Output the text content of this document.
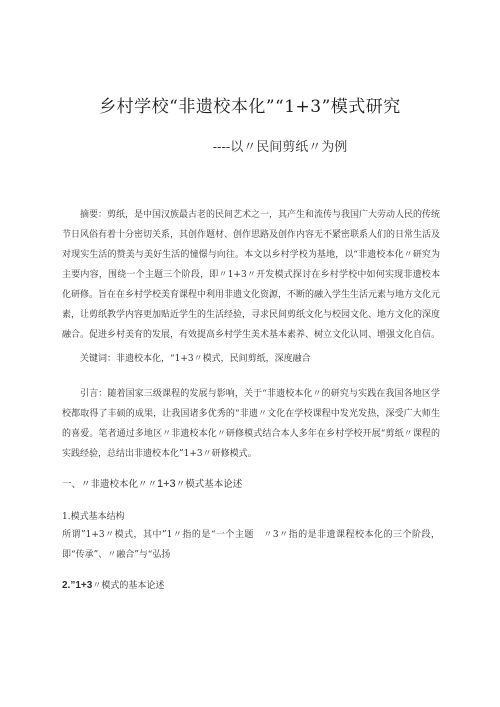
乡村学校“非遗校本化”“1+3”模式研究
----以〃民间剪纸〃为例
摘要：剪纸，是中国汉族最古老的民间艺术之一，其产生和流传与我国广大劳动人民的传统节日风俗有着十分密切关系，其创作题材、创作思路及创作内容无不紧密联系人们的日常生活及对现实生活的赞美与美好生活的憧憬与向往。本文以乡村学校为基地，以“非遗校本化〃研究为主要内容，围绕一个主题三个阶段，即〃1+3〃开发模式探讨在乡村学校中如何实现非遗校本化研修。旨在在乡村学校美育课程中利用非遗文化资源，不断的融入学生生活元素与地方文化元素，让剪纸教学内容更加贴近学生的生活经验，寻求民间剪纸文化与校园文化、地方文化的深度融合。促进乡村美育的发展，有效提高乡村学生美术基本素养、树立文化认同、增强文化自信。
关键词：非遗校本化，“1+3〃模式，民间剪纸，深度融合
引言：随着国家三级课程的发展与影响，关于“非遗校本化〃的研究与实践在我国各地区学校都取得了丰硕的成果，让我国诸多优秀的“非遗〃文化在学校课程中发光发热，深受广大师生的喜爱。笔者通过多地区〃非遗校本化〃研修模式结合本人多年在乡村学校开展“剪纸〃课程的实践经验，总结出非遗校本化”1+3〃研修模式。
一、〃非遗校本化〃〃1+3〃模式基本论述
1.模式基本结构
所谓”1+3〃模式，其中”1〃指的是“一个主题　〃3〃指的是非遗课程校本化的三个阶段，即“传承”、〃融合”与“弘扬
2.”1+3〃模式的基本论述
